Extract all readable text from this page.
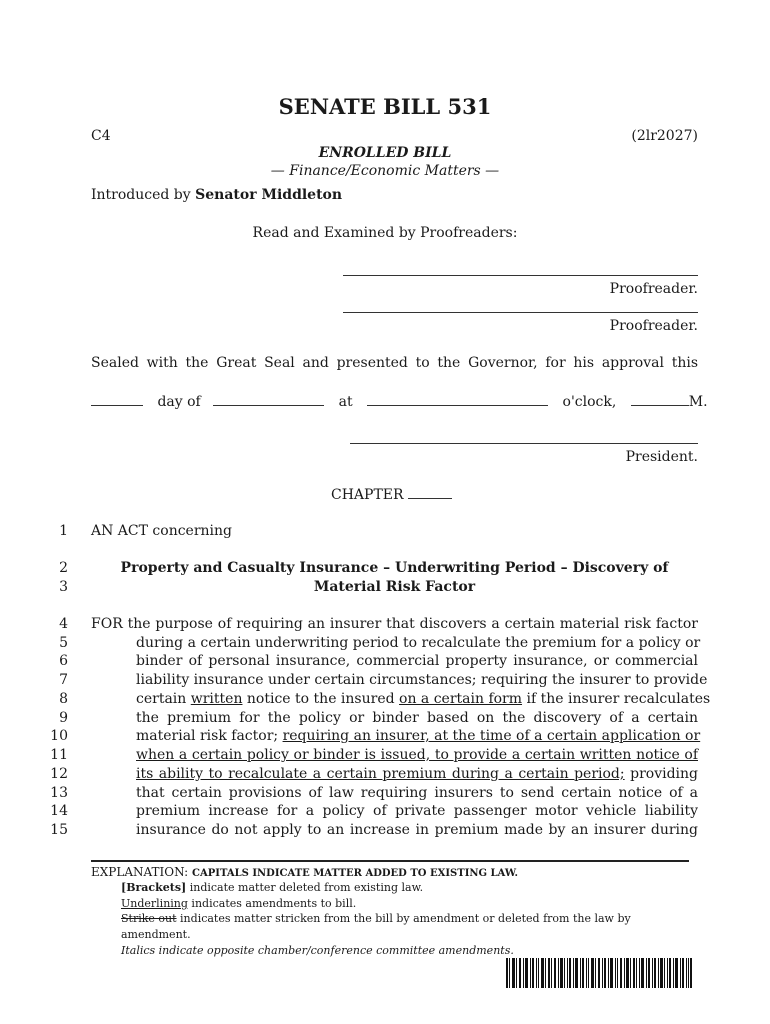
SENATE BILL 531
C4	(2lr2027)
ENROLLED BILL
— Finance/Economic Matters —
Introduced by Senator Middleton
Read and Examined by Proofreaders:
Proofreader.
Proofreader.
Sealed with the Great Seal and presented to the Governor, for his approval this
day of	at	o'clock,	M.
President.
CHAPTER
1 AN ACT concerning
2	Property and Casualty Insurance – Underwriting Period – Discovery of
3	Material Risk Factor
4 FOR the purpose of requiring an insurer that discovers a certain material risk factor
5	during a certain underwriting period to recalculate the premium for a policy or
6	binder of personal insurance, commercial property insurance, or commercial
7	liability insurance under certain circumstances; requiring the insurer to provide
8	certain written notice to the insured on a certain form if the insurer recalculates
9	the premium for the policy or binder based on the discovery of a certain
10	material risk factor; requiring an insurer, at the time of a certain application or
11	when a certain policy or binder is issued, to provide a certain written notice of
12	its ability to recalculate a certain premium during a certain period; providing
13	that certain provisions of law requiring insurers to send certain notice of a
14	premium increase for a policy of private passenger motor vehicle liability
15	insurance do not apply to an increase in premium made by an insurer during
EXPLANATION: CAPITALS INDICATE MATTER ADDED TO EXISTING LAW.
[Brackets] indicate matter deleted from existing law.
Underlining indicates amendments to bill.
Strike out indicates matter stricken from the bill by amendment or deleted from the law by
amendment.
Italics indicate opposite chamber/conference committee amendments.
